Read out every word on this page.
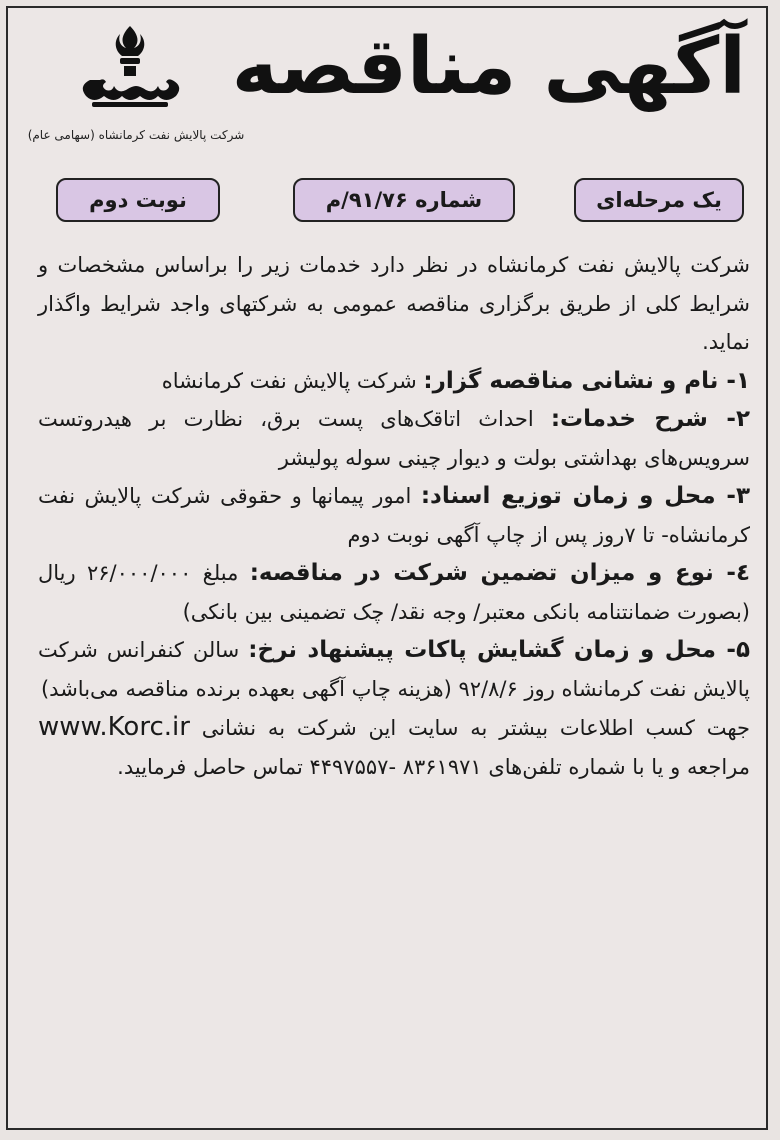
آگهی مناقصه
شرکت پالایش نفت کرمانشاه (سهامی عام)
یک مرحله‌ای
شماره ۹۱/۷۶/م
نوبت دوم

شرکت پالایش نفت کرمانشاه در نظر دارد خدمات زیر را براساس مشخصات و شرایط کلی از طریق برگزاری مناقصه عمومی به شرکتهای واجد شرایط واگذار نماید.

۱- نام و نشانی مناقصه گزار: شرکت پالایش نفت کرمانشاه

۲- شرح خدمات: احداث اتاقک‌های پست برق، نظارت بر هیدروتست سرویس‌های بهداشتی بولت و دیوار چینی سوله پولیشر

۳- محل و زمان توزیع اسناد: امور پیمانها و حقوقی شرکت پالایش نفت کرمانشاه- تا ۷روز پس از چاپ آگهی نوبت دوم

٤- نوع و میزان تضمین شرکت در مناقصه: مبلغ ۲۶/۰۰۰/۰۰۰ ریال (بصورت ضمانتنامه بانکی معتبر/ وجه نقد/ چک تضمینی بین بانکی)

۵- محل و زمان گشایش پاکات پیشنهاد نرخ: سالن کنفرانس شرکت پالایش نفت کرمانشاه روز ۹۲/۸/۶ (هزینه چاپ آگهی بعهده برنده مناقصه می‌باشد)

جهت کسب اطلاعات بیشتر به سایت این شرکت به نشانی www.Korc.ir مراجعه و یا با شماره تلفن‌های ۸۳۶۱۹۷۱ -۴۴۹۷۵۵۷ تماس حاصل فرمایید.
